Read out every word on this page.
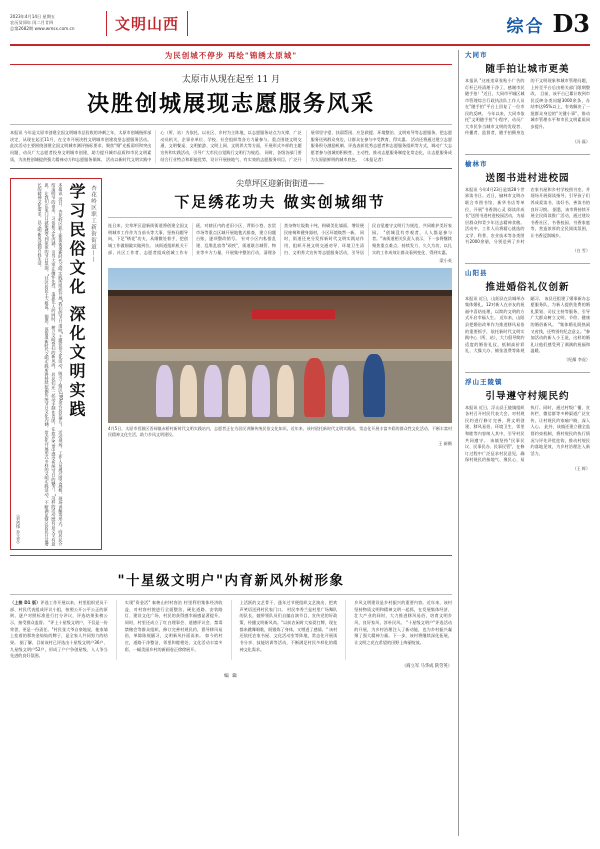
2023年4月14日 星期五
农历癸卯年 闰二月廿四
总第2682期 www.wmsx.com.cn	文明山西	综合 D3
为民创城不停步 再绘"锦绣太原城"
太原市从现在起至 11 月
决胜创城展现志愿服务风采
本报讯 今年是太原市创建全国文明城市总验收的冲刺之年，太原市创城指挥部决定，从现在起至11月，在全市开展决胜文明城市创建攻坚志愿服务活动。 此次活动主要围绕创建全国文明城市测评指标要求，聚焦"聚"光板弱项和突出问题，动员广大志愿者投身文明城市创建，助力提升城市品质和市民文明素质，为决胜创城提供强大精神动力和志愿服务保障。 活动以新时代文明实践中心（所、站）为依托，以社区、乡村为主阵地，以志愿服务站点为支撑，广泛动员机关、企事业单位、学校、社会组织等各方力量参与。重点围绕文明交通、文明餐桌、文明旅游、文明上网、文明养犬等方面，开展形式多样的主题宣传和实践活动，引导广大市民自觉践行文明行为规范。 同时，各级各部门要结合行业特点和职能优势，设计开展接地气、有实效的志愿服务项目，广泛开展邻里守望、扶弱帮困、应急救援、环境整治、文明劝导等志愿服务，把志愿服务送到群众身边，让群众在参与中受教育、得实惠。 活动还将通过建立志愿服务积分激励机制、评选表彰优秀志愿者和志愿服务组织等方式，调动广大志愿者参与创城的积极性、主动性，推动志愿服务制度化常态化，让志愿服务成为太原最鲜明的城市底色。 （本报记者）
杏花岭区职工新街街道——
学习民俗文化 深化文明实践
本报讯 近日，杏花岭区职工新街街道新时代文明实践所组织开展"我们的节日·清明"主题民俗文化活动，吸引了辖区200余名居民参与。 活动现场，工作人员通过图文展板、现场讲解等形式，向居民介绍清明节的由来、习俗和文化内涵，引导大家在缅怀先烈、追思先人的同时，树立文明祭扫的新风尚。 居民们还一起动手制作青团，在欢声笑语中感受传统节日的魅力。"这样的活动既有意义又有意思，让我们在家门口就能感受到浓浓的节日氛围。"社区居民王大姐说。 据悉，该街道新时代文明实践所将持续挖掘传统节日文化内涵，常态化开展形式多样的文明实践活动，不断满足辖区居民日益增长的精神文化需求，以文明新风浸润百姓生活。
（袁剑锋 乔玉芳）
尖草坪区迎新街街道——
下足绣花功夫 做实创城细节
连日来，尖草坪区迎新街街道将创建全国文明城市工作作为当前头等大事，坚持问题导向，下足"绣花"功夫，从细微处着手，把创城工作做细做实做到位。 该街道组织机关干部、社区工作者、志愿者组成创城工作专班，对辖区内的老旧小区、背街小巷、农贸市场等重点区域开展地毯式排查，建立问题台账，逐项整改销号。 针对小区内私搭乱建、乱堆乱放等"顽疾"，街道联合城管、物业等多方力量，开展集中整治行动，清理各类杂物垃圾数十吨，粉刷美化墙面，增设便民座椅和健身器材，小区环境焕然一新。 同时，街道还充分发挥新时代文明实践站作用，组织开展文明交通劝导、环境卫生清扫、文明养犬宣传等志愿服务活动，引导居民自觉遵守文明行为规范，共同维护美好家园。 "创城没有旁观者，人人都是参与者。"该街道相关负责人表示，下一步将继续聚焦重点难点，持续发力、久久为功，以扎实的工作成效让群众看到变化、得到实惠。
梁小英
4月5日，太原市晋源区晋祠镇赤桥村新时代文明实践站内，志愿者正在为居民讲解传统民俗文化知识。近年来，该村依托新时代文明实践站，常态化开展丰富多彩的群众性文化活动，不断丰富村民精神文化生活，助力乡风文明建设。
王 新摄
"十星级文明户"内育新风外树形象
（上接 D1 版）评选工作开展以来，村里组织党员干部、村民代表组成评议小组，按照公开公平公正的原则，逐户对照标准进行打分评议，评选结果张榜公示，接受群众监督。 "评上十星级文明户，不仅是一份荣誉，更是一份责任。"村民张大爷自豪地说，他家墙上挂着的那块金灿灿的牌子，是全家人共同努力的结果。 据了解，目前该村已评选出十星级文明户36户、九星级文明户52户，形成了户户争创星级、人人争当先进的良好氛围。
实现"资金活" 秦秧山村村容治 村里利用集体经济收益，对村容村貌进行全面整治，硬化道路、安装路灯、建设文化广场，村民的获得感幸福感显著提升。 同时，村里还成立了红白理事会、道德评议会、禁毒禁赌会等群众组织，修订完善村规民约，倡导移风易俗，革除陈规陋习，文明新风扑面而来。 如今的村庄，道路干净整洁，邻里和睦相处，文化活动丰富多彩，一幅美丽乡村的新画卷正徐徐展开。
上活跃的文艺骨干，逢年过节便组织文艺演出，把欢声笑语送到村民家门口。 村民李秀兰是村里广场舞队的队长，她带领队员们自编自演节目，宣传党的好政策，传播文明新风尚。"以前农闲时大家爱打牌，现在都来跳舞唱歌，既锻炼了身体，又增进了感情。" 该村还依托农家书屋、文化活动室等阵地，常态化开展读书分享、技能培训等活动，不断满足村民多样化的精神文化需求。
乡风文明建设是乡村振兴的重要内容。近年来，该村坚持物质文明和精神文明一起抓，在发展集体经济、壮大产业的同时，大力推进移风易俗，培育文明乡风、良好家风、淳朴民风。 "十星级文明户"评选活动的开展，为乡村治理注入了新动能，也为乡村振兴凝聚了强大精神力量。下一步，该村将继续深化拓展，让文明之花在希望的田野上绚丽绽放。
（商立军 马华成 陕劳英）
编 辑
大同市
随手拍让城市更美
本报讯 "这座违章张贴小广告的灯杆已经清理干净了，感谢市民随手拍！"近日，大同市平城区城市管理综合行政执法队工作人员在"随手拍"平台上回复了一位市民的反映。 今年以来，大同市依托"文明随手拍"小程序，动员广大市民争当城市文明的发现者、传播者、监督者，随手拍摄身边的不文明现象和城市管理问题，上传至平台后由相关部门限期整改。 目前，该平台已累计收到市民反映各类问题3000余条，办结率达95%以上，有效解决了一批群众身边的"关键小事"，推动城市管理水平和市民文明素质同步提升。
（冯 磊）
榆林市
送图书进村进校园
本报讯 今年4月23日是第28个世界读书日。近日，榆林市文明办联合市图书馆、新华书店等单位，开展"书香润心灵 阅读伴成长"送图书进村进校园活动，为基层群众和青少年送去精神食粮。 活动中，工作人员将精心挑选的文学、科普、农业技术等各类图书2000余册，分别送到了乡村农家书屋和乡村学校图书室，并现场开展阅读指导，引导孩子们养成爱读书、读好书、善读书的良好习惯。 据悉，该市将持续开展全民阅读推广活动，通过建设书香社区、书香校园、书香家庭等，营造浓厚的全民阅读氛围，让书香浸润城乡。
（白 雪）
山阳县
推进婚俗礼仪创新
本报讯 近日，山阳县在县城举办集体婚礼，12对新人在亲友的祝福中喜结连理，以简约文明的方式开启幸福人生。 近年来，山阳县把婚俗改革作为推进移风易俗的重要抓手，依托新时代文明实践中心（所、站），大力倡导简约适度的婚俗礼仪，抵制高价彩礼、大操大办、铺张浪费等陈规陋习。 该县还组建了婚事新办志愿服务队，为新人提供免费的婚礼策划、司仪主持等服务，引导广大群众树立文明、节俭、健康的婚俗新风。 "集体婚礼既热闹又省钱，还特别有纪念意义。"参加活动的新人小王说，这样的婚礼让他们感受到了满满的祝福和温暖。
（纪耀 李虎）
浮山王陵镇
引导遵守村规民约
本报讯 近日，浮山县王陵镇组织各村召开村民代表大会，对村规民约进行修订完善，将文明创建、移风易俗、环境卫生、邻里和睦等内容纳入其中，引导村民共同遵守。 该镇坚持"民事民议、民事民办、民事民管"，在修订过程中广泛征求村民意见，确保村规民约接地气、聚民心、易执行。同时，通过村级广播、宣传栏、微信群等多种渠道广泛宣传，让村规民约家喻户晓、深入人心。 此外，该镇还建立健全监督约束机制，将村规民约执行情况与评先评优挂钩，推动村规民约落地见效，为乡村治理注入新活力。
（王 辉）
